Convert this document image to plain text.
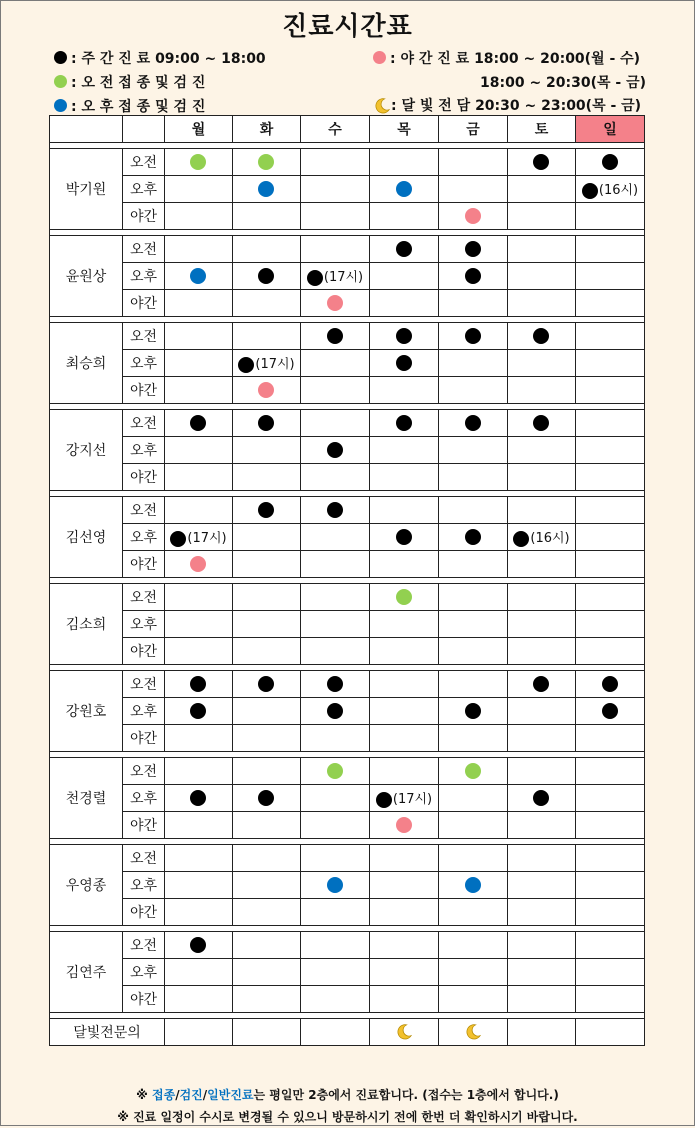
진료시간표
: 주 간 진 료 09:00 ~ 18:00
: 오 전 접 종 및 검 진
: 오 후 접 종 및 검 진
: 야 간 진 료 18:00 ~ 20:00(월 - 수)
18:00 ~ 20:30(목 - 금)
: 달 빛 전 담 20:30 ~ 23:00(목 - 금)
		월	화	수	목	금	토	일

박기원	오전							
	오후							(16시)
	야간							

윤원상	오전							
	오후			(17시)				
	야간							

최승희	오전							
	오후		(17시)					
	야간							

강지선	오전							
	오후							
	야간							

김선영	오전							
	오후	(17시)					(16시)	
	야간							

김소희	오전							
	오후							
	야간							

강원호	오전							
	오후							
	야간							

천경렬	오전							
	오후				(17시)			
	야간							

우영종	오전							
	오후							
	야간							

김연주	오전							
	오후							
	야간							

달빛전문의							
※ 접종/검진/일반진료는 평일만 2층에서 진료합니다. (접수는 1층에서 합니다.)
※ 진료 일정이 수시로 변경될 수 있으니 방문하시기 전에 한번 더 확인하시기 바랍니다.
